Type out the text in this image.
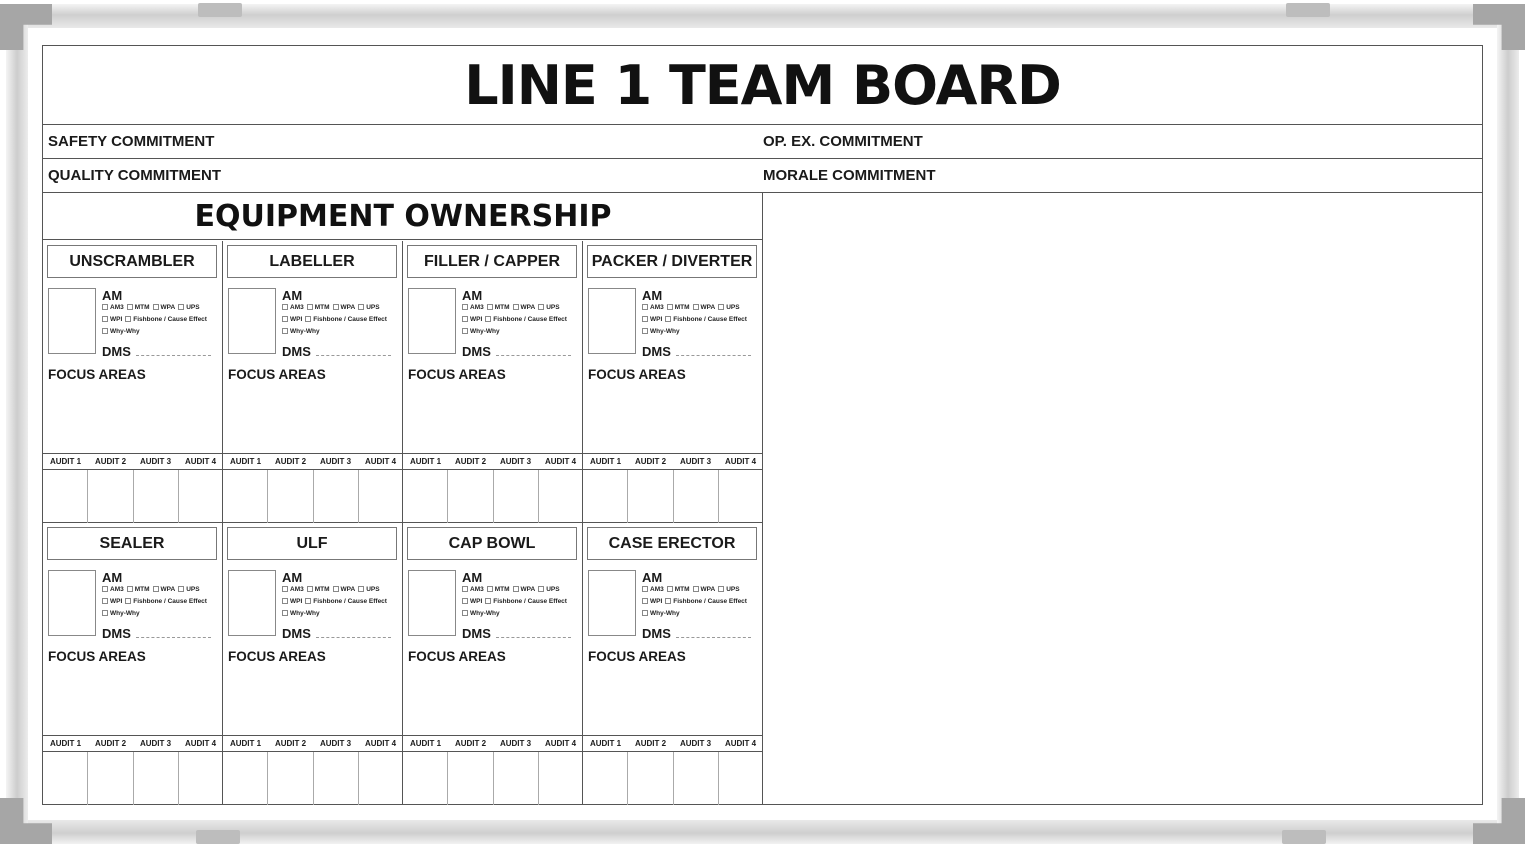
LINE 1 TEAM BOARD
SAFETY COMMITMENT	OP. EX. COMMITMENT
QUALITY COMMITMENT	MORALE COMMITMENT
EQUIPMENT OWNERSHIP
UNSCRAMBLER
AM
AM3 MTM WPA UPS
WPI Fishbone / Cause Effect
Why-Why
DMS
FOCUS AREAS
AUDIT 1	AUDIT 2	AUDIT 3	AUDIT 4
LABELLER
AM
AM3 MTM WPA UPS
WPI Fishbone / Cause Effect
Why-Why
DMS
FOCUS AREAS
AUDIT 1	AUDIT 2	AUDIT 3	AUDIT 4
FILLER / CAPPER
AM
AM3 MTM WPA UPS
WPI Fishbone / Cause Effect
Why-Why
DMS
FOCUS AREAS
AUDIT 1	AUDIT 2	AUDIT 3	AUDIT 4
PACKER / DIVERTER
AM
AM3 MTM WPA UPS
WPI Fishbone / Cause Effect
Why-Why
DMS
FOCUS AREAS
AUDIT 1	AUDIT 2	AUDIT 3	AUDIT 4
SEALER
AM
AM3 MTM WPA UPS
WPI Fishbone / Cause Effect
Why-Why
DMS
FOCUS AREAS
AUDIT 1	AUDIT 2	AUDIT 3	AUDIT 4
ULF
AM
AM3 MTM WPA UPS
WPI Fishbone / Cause Effect
Why-Why
DMS
FOCUS AREAS
AUDIT 1	AUDIT 2	AUDIT 3	AUDIT 4
CAP BOWL
AM
AM3 MTM WPA UPS
WPI Fishbone / Cause Effect
Why-Why
DMS
FOCUS AREAS
AUDIT 1	AUDIT 2	AUDIT 3	AUDIT 4
CASE ERECTOR
AM
AM3 MTM WPA UPS
WPI Fishbone / Cause Effect
Why-Why
DMS
FOCUS AREAS
AUDIT 1	AUDIT 2	AUDIT 3	AUDIT 4
